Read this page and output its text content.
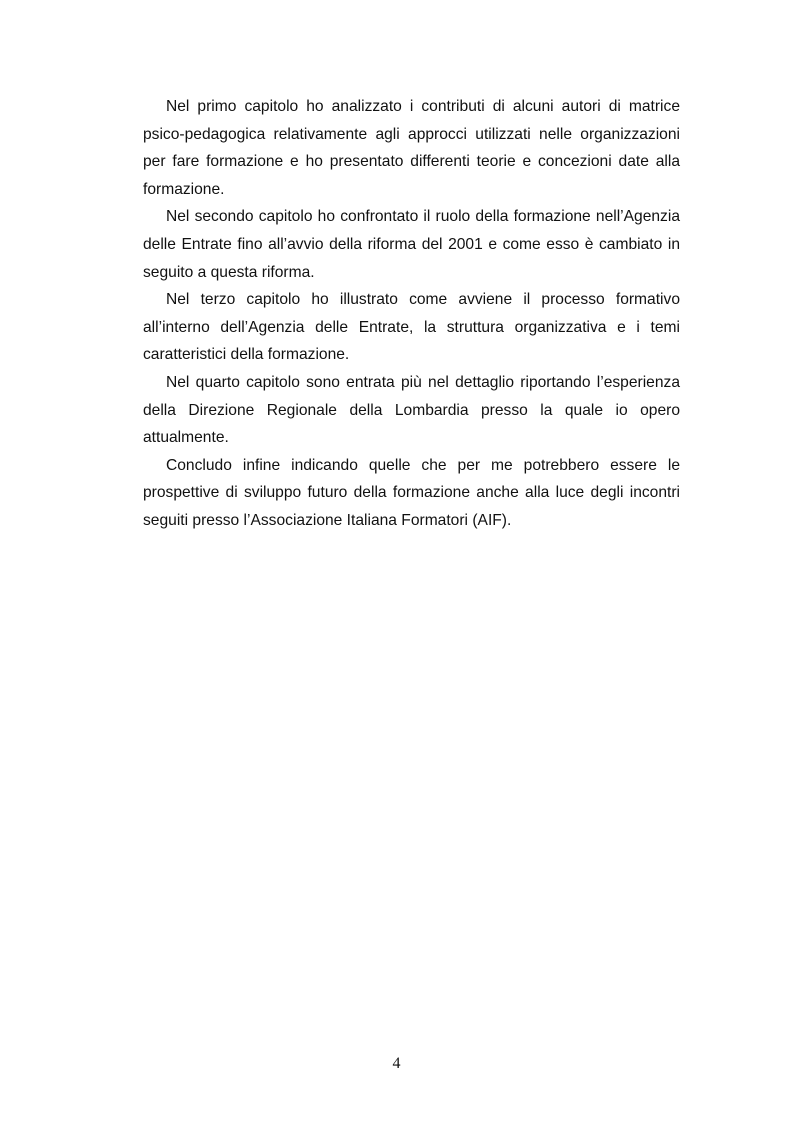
Nel primo capitolo ho analizzato i contributi di alcuni autori di matrice psico-pedagogica relativamente agli approcci utilizzati nelle organizzazioni per fare formazione e ho presentato differenti teorie e concezioni date alla formazione.

Nel secondo capitolo ho confrontato il ruolo della formazione nell’Agenzia delle Entrate fino all’avvio della riforma del 2001 e come esso è cambiato in seguito a questa riforma.

Nel terzo capitolo ho illustrato come avviene il processo formativo all’interno dell’Agenzia delle Entrate, la struttura organizzativa e i temi caratteristici della formazione.

Nel quarto capitolo sono entrata più nel dettaglio riportando l’esperienza della Direzione Regionale della Lombardia presso la quale io opero attualmente.

Concludo infine indicando quelle che per me potrebbero essere le prospettive di sviluppo futuro della formazione anche alla luce degli incontri seguiti presso l’Associazione Italiana Formatori (AIF).

4
